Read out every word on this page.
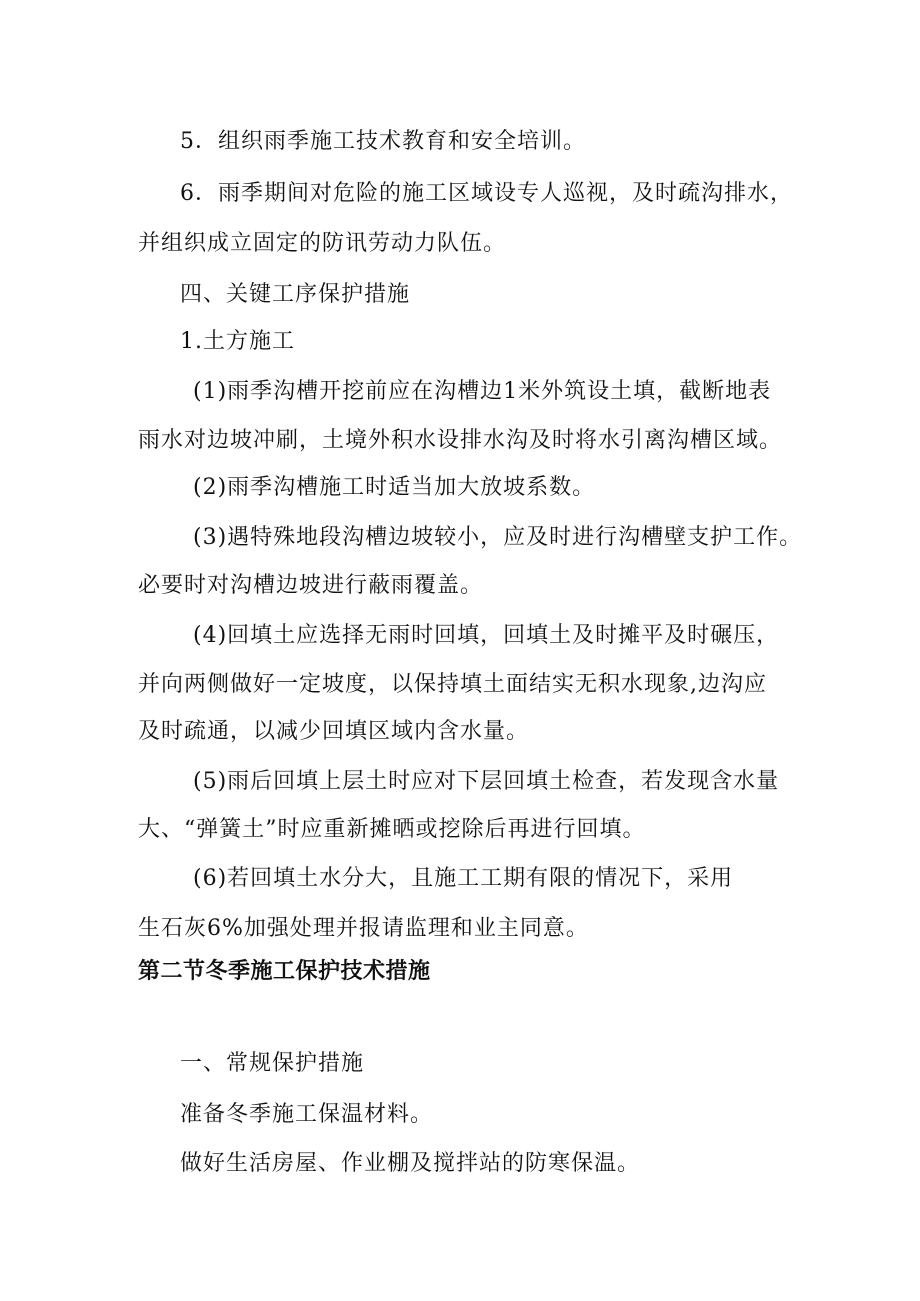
5．组织雨季施工技术教育和安全培训。
6．雨季期间对危险的施工区域设专人巡视，及时疏沟排水，
并组织成立固定的防讯劳动力队伍。
四、关键工序保护措施
1.土方施工
(1)雨季沟槽开挖前应在沟槽边1米外筑设土填，截断地表
雨水对边坡冲刷，土境外积水设排水沟及时将水引离沟槽区域。
(2)雨季沟槽施工时适当加大放坡系数。
(3)遇特殊地段沟槽边坡较小，应及时进行沟槽壁支护工作。
必要时对沟槽边坡进行蔽雨覆盖。
(4)回填土应选择无雨时回填，回填土及时摊平及时碾压，
并向两侧做好一定坡度，以保持填土面结实无积水现象,边沟应
及时疏通，以减少回填区域内含水量。
(5)雨后回填上层土时应对下层回填土检查，若发现含水量
大、“弹簧土”时应重新摊晒或挖除后再进行回填。
(6)若回填土水分大，且施工工期有限的情况下，采用
生石灰6%加强处理并报请监理和业主同意。
第二节冬季施工保护技术措施
一、常规保护措施
准备冬季施工保温材料。
做好生活房屋、作业棚及搅拌站的防寒保温。
